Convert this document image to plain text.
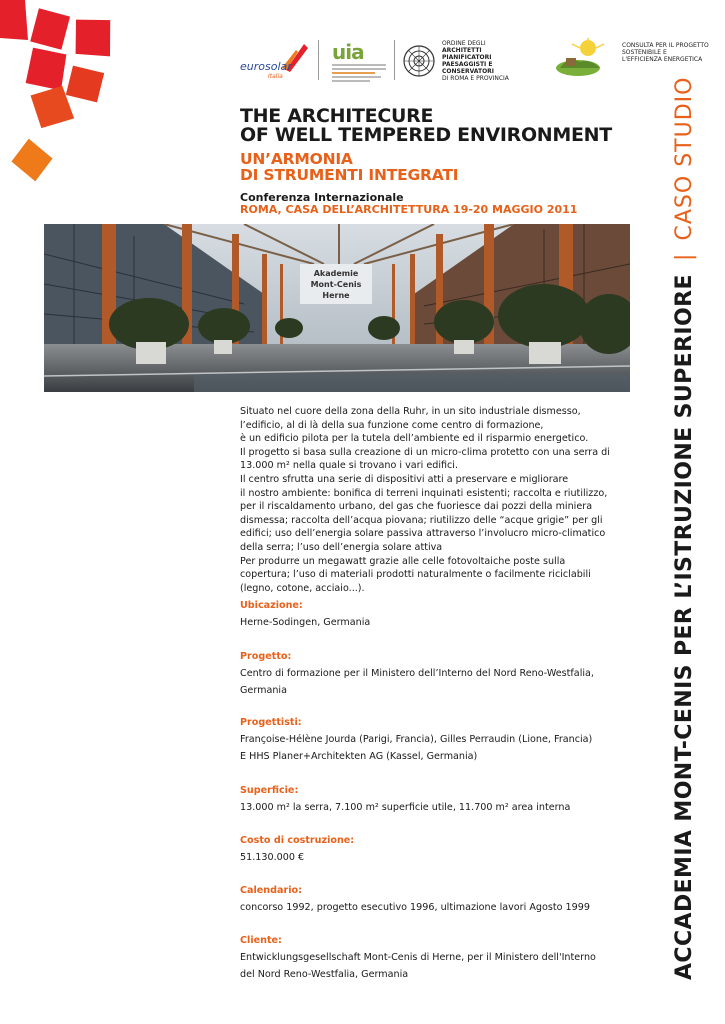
eurosolar
Italia
uia	ORDINE DEGLI
ARCHITETTI
PIANIFICATORI
PAESAGGISTI E CONSERVATORI
DI ROMA E PROVINCIA
CONSULTA PER IL PROGETTO
SOSTENIBILE E
L'EFFICIENZA ENERGETICA
THE ARCHITECURE
OF WELL TEMPERED ENVIRONMENT
UN’ARMONIA
DI STRUMENTI INTEGRATI
Conferenza Internazionale
ROMA, CASA DELL’ARCHITETTURA 19-20 MAGGIO 2011
Akademie
Mont-Cenis
Herne
Situato nel cuore della zona della Ruhr, in un sito industriale dismesso,
l’edificio, al di là della sua funzione come centro di formazione,
è un edificio pilota per la tutela dell’ambiente ed il risparmio energetico.
Il progetto si basa sulla creazione di un micro-clima protetto con una serra di
13.000 m² nella quale si trovano i vari edifici.
Il centro sfrutta una serie di dispositivi atti a preservare e migliorare
il nostro ambiente: bonifica di terreni inquinati esistenti; raccolta e riutilizzo,
per il riscaldamento urbano, del gas che fuoriesce dai pozzi della miniera
dismessa; raccolta dell’acqua piovana; riutilizzo delle “acque grigie” per gli
edifici; uso dell’energia solare passiva attraverso l’involucro micro-climatico
della serra; l’uso dell’energia solare attiva
Per produrre un megawatt grazie alle celle fotovoltaiche poste sulla
copertura; l’uso di materiali prodotti naturalmente o facilmente riciclabili
(legno, cotone, acciaio...).
Ubicazione:
Herne-Sodingen, Germania
Progetto:
Centro di formazione per il Ministero dell’Interno del Nord Reno-Westfalia,
Germania
Progettisti:
Françoise-Hélène Jourda (Parigi, Francia), Gilles Perraudin (Lione, Francia)
E HHS Planer+Architekten AG (Kassel, Germania)
Superficie:
13.000 m² la serra, 7.100 m² superficie utile, 11.700 m² area interna
Costo di costruzione:
51.130.000 €
Calendario:
concorso 1992, progetto esecutivo 1996, ultimazione lavori Agosto 1999
Cliente:
Entwicklungsgesellschaft Mont-Cenis di Herne, per il Ministero dell'Interno
del Nord Reno-Westfalia, Germania	ACCADEMIA MONT-CENIS PER L’ISTRUZIONE SUPERIORE | CASO STUDIO
